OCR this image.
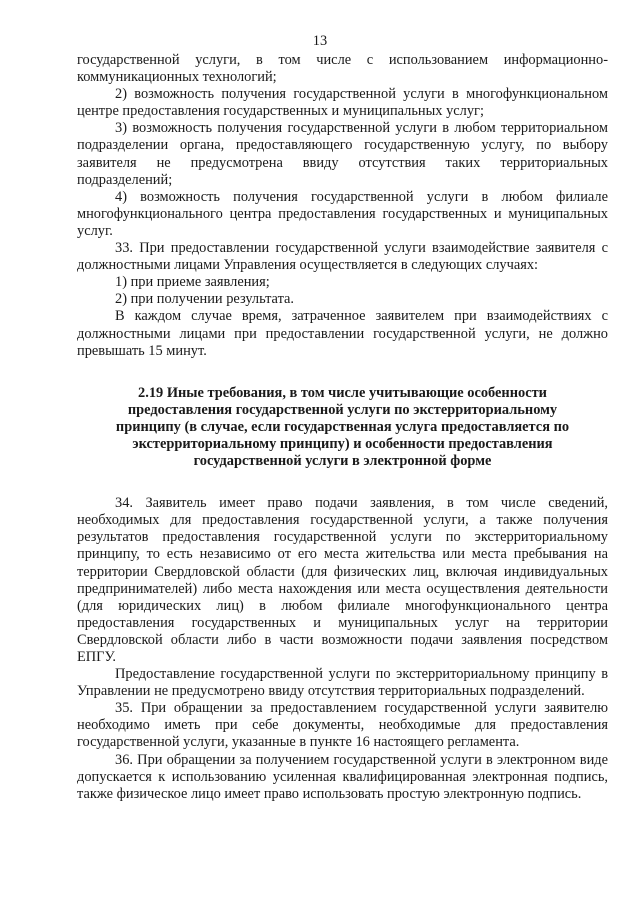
13

государственной услуги, в том числе с использованием информационно-коммуникационных технологий;

2) возможность получения государственной услуги в многофункциональном центре предоставления государственных и муниципальных услуг;

3) возможность получения государственной услуги в любом территориальном подразделении органа, предоставляющего государственную услугу, по выбору заявителя не предусмотрена ввиду отсутствия таких территориальных подразделений;

4) возможность получения государственной услуги в любом филиале многофункционального центра предоставления государственных и муниципальных услуг.

33. При предоставлении государственной услуги взаимодействие заявителя с должностными лицами Управления осуществляется в следующих случаях:

1) при приеме заявления;

2) при получении результата.

В каждом случае время, затраченное заявителем при взаимодействиях с должностными лицами при предоставлении государственной услуги, не должно превышать 15 минут.

2.19 Иные требования, в том числе учитывающие особенности предоставления государственной услуги по экстерриториальному принципу (в случае, если государственная услуга предоставляется по экстерриториальному принципу) и особенности предоставления государственной услуги в электронной форме

34. Заявитель имеет право подачи заявления, в том числе сведений, необходимых для предоставления государственной услуги, а также получения результатов предоставления государственной услуги по экстерриториальному принципу, то есть независимо от его места жительства или места пребывания на территории Свердловской области (для физических лиц, включая индивидуальных предпринимателей) либо места нахождения или места осуществления деятельности (для юридических лиц) в любом филиале многофункционального центра предоставления государственных и муниципальных услуг на территории Свердловской области либо в части возможности подачи заявления посредством ЕПГУ.

Предоставление государственной услуги по экстерриториальному принципу в Управлении не предусмотрено ввиду отсутствия территориальных подразделений.

35. При обращении за предоставлением государственной услуги заявителю необходимо иметь при себе документы, необходимые для предоставления государственной услуги, указанные в пункте 16 настоящего регламента.

36. При обращении за получением государственной услуги в электронном виде допускается к использованию усиленная квалифицированная электронная подпись, также физическое лицо имеет право использовать простую электронную подпись.
